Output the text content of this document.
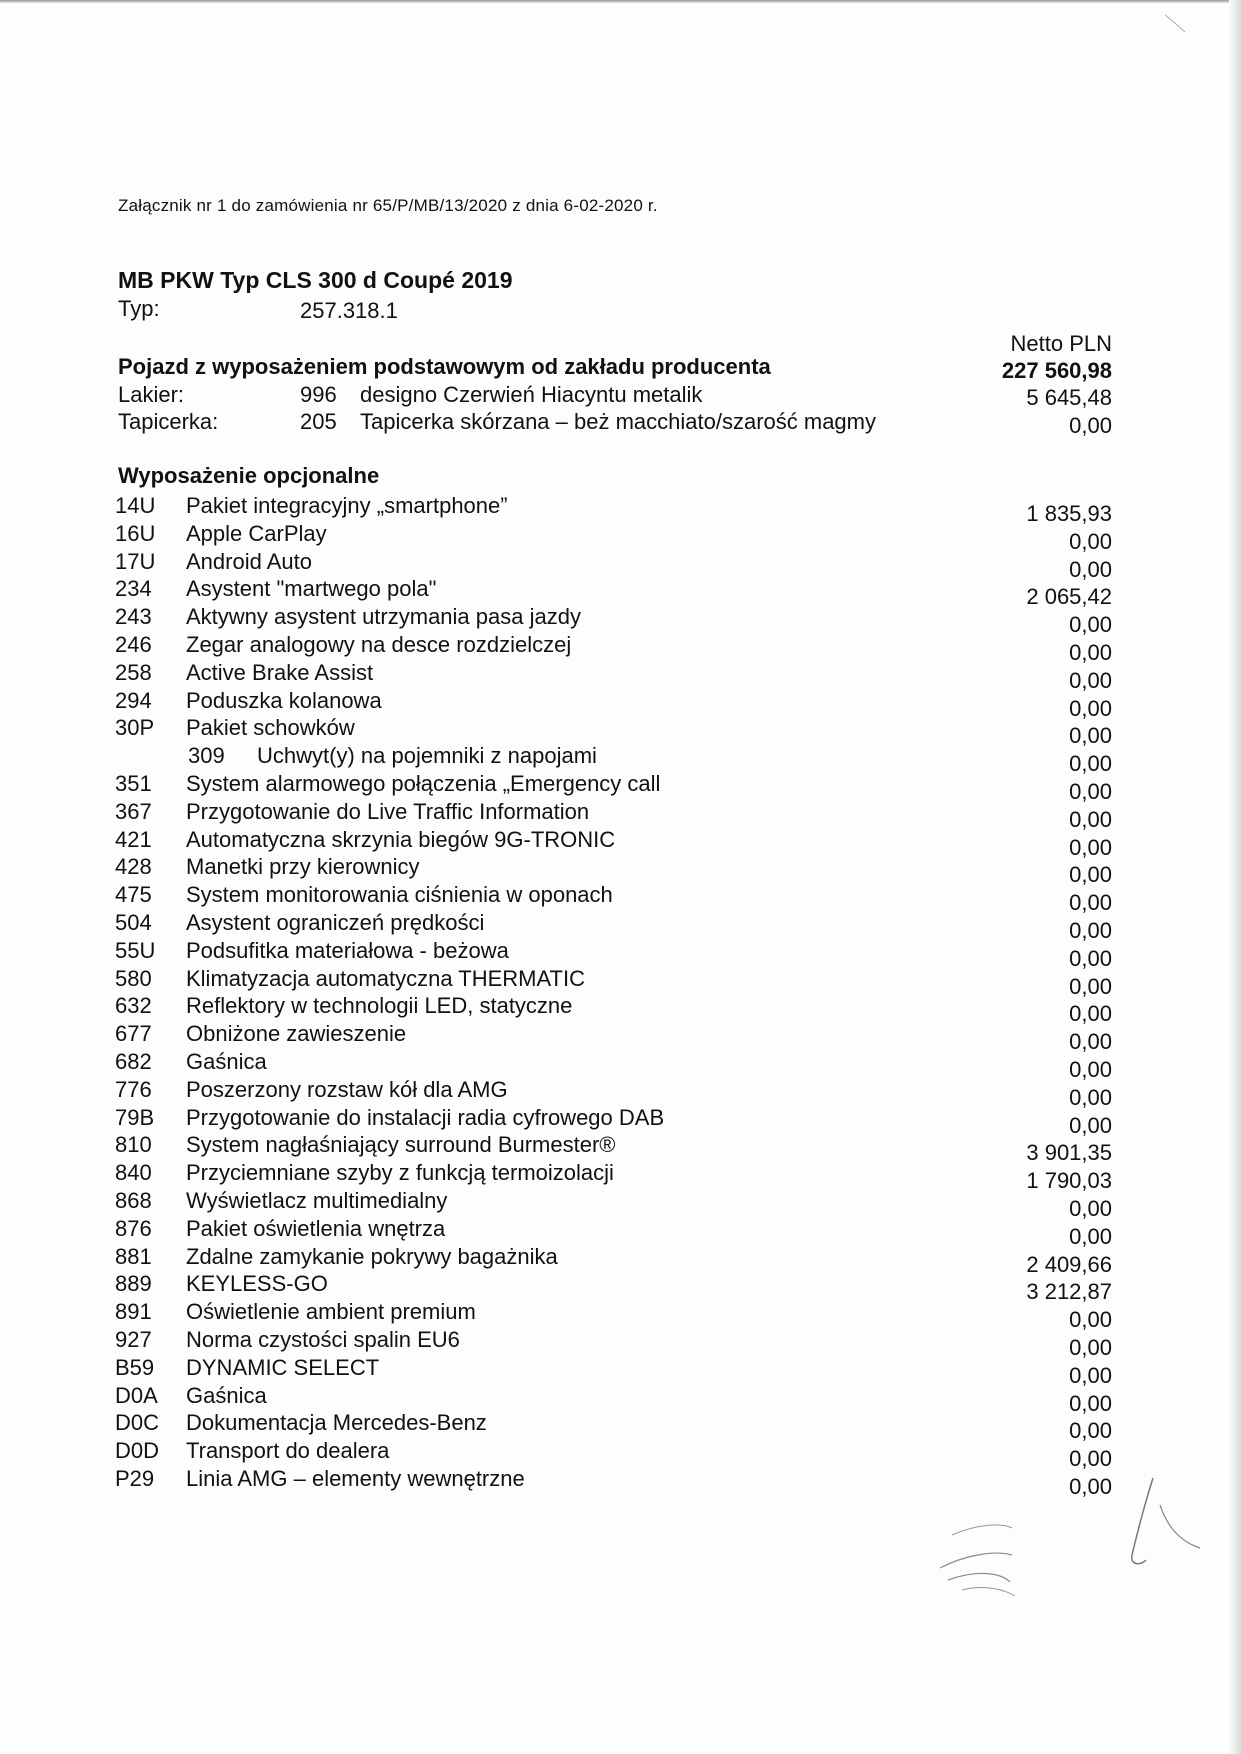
Załącznik nr 1 do zamówienia nr 65/P/MB/13/2020 z dnia 6-02-2020 r.
MB PKW Typ CLS 300 d Coupé 2019
Typ:	257.318.1
Netto PLN
Pojazd z wyposażeniem podstawowym od zakładu producenta	227 560,98
Lakier:	996 designo Czerwień Hiacyntu metalik	5 645,48
Tapicerka:	205 Tapicerka skórzana – beż macchiato/szarość magmy	0,00
Wyposażenie opcjonalne
14U Pakiet integracyjny „smartphone”	1 835,93
16U Apple CarPlay	0,00
17U Android Auto	0,00
234 Asystent "martwego pola"	2 065,42
243 Aktywny asystent utrzymania pasa jazdy	0,00
246 Zegar analogowy na desce rozdzielczej	0,00
258 Active Brake Assist	0,00
294 Poduszka kolanowa	0,00
30P Pakiet schowków	0,00
309 Uchwyt(y) na pojemniki z napojami	0,00
351 System alarmowego połączenia „Emergency call	0,00
367 Przygotowanie do Live Traffic Information	0,00
421 Automatyczna skrzynia biegów 9G-TRONIC	0,00
428 Manetki przy kierownicy	0,00
475 System monitorowania ciśnienia w oponach	0,00
504 Asystent ograniczeń prędkości	0,00
55U Podsufitka materiałowa - beżowa	0,00
580 Klimatyzacja automatyczna THERMATIC	0,00
632 Reflektory w technologii LED, statyczne	0,00
677 Obniżone zawieszenie	0,00
682 Gaśnica	0,00
776 Poszerzony rozstaw kół dla AMG	0,00
79B Przygotowanie do instalacji radia cyfrowego DAB	0,00
810 System nagłaśniający surround Burmester®	3 901,35
840 Przyciemniane szyby z funkcją termoizolacji	1 790,03
868 Wyświetlacz multimedialny	0,00
876 Pakiet oświetlenia wnętrza	0,00
881 Zdalne zamykanie pokrywy bagażnika	2 409,66
889 KEYLESS-GO	3 212,87
891 Oświetlenie ambient premium	0,00
927 Norma czystości spalin EU6	0,00
B59 DYNAMIC SELECT	0,00
D0A Gaśnica	0,00
D0C Dokumentacja Mercedes-Benz	0,00
D0D Transport do dealera	0,00
P29 Linia AMG – elementy wewnętrzne	0,00
